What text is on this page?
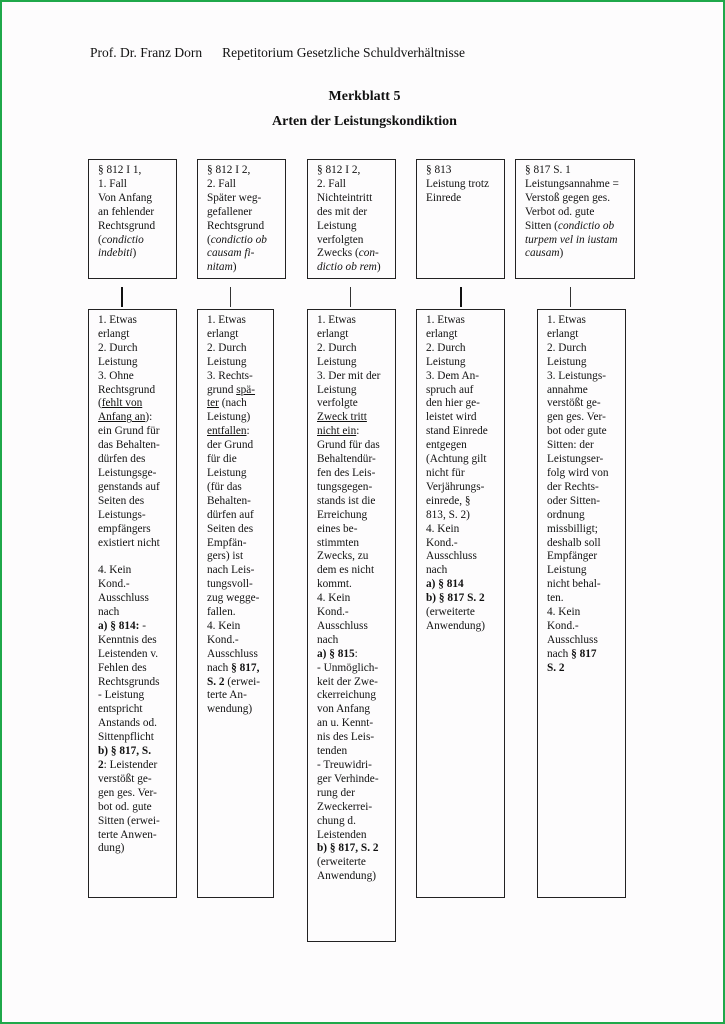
Prof. Dr. Franz Dorn Repetitorium Gesetzliche Schuldverhältnisse
Merkblatt 5
Arten der Leistungskondiktion
§ 812 I 1,
1. Fall
Von Anfang
an fehlender
Rechtsgrund
(condictio
indebiti)
1. Etwas
erlangt
2. Durch
Leistung
3. Ohne
Rechtsgrund
(fehlt von
Anfang an):
ein Grund für
das Behalten-
dürfen des
Leistungsge-
genstands auf
Seiten des
Leistungs-
empfängers
existiert nicht
4. Kein
Kond.-
Ausschluss
nach
a) § 814: -
Kenntnis des
Leistenden v.
Fehlen des
Rechtsgrunds
- Leistung
entspricht
Anstands od.
Sittenpflicht
b) § 817, S.
2: Leistender
verstößt ge-
gen ges. Ver-
bot od. gute
Sitten (erwei-
terte Anwen-
dung)
§ 812 I 2,
2. Fall
Später weg-
gefallener
Rechtsgrund
(condictio ob
causam fi-
nitam)
1. Etwas
erlangt
2. Durch
Leistung
3. Rechts-
grund spä-
ter (nach
Leistung)
entfallen:
der Grund
für die
Leistung
(für das
Behalten-
dürfen auf
Seiten des
Empfän-
gers) ist
nach Leis-
tungsvoll-
zug wegge-
fallen.
4. Kein
Kond.-
Ausschluss
nach § 817,
S. 2 (erwei-
terte An-
wendung)
§ 812 I 2,
2. Fall
Nichteintritt
des mit der
Leistung
verfolgten
Zwecks (con-
dictio ob rem)
1. Etwas
erlangt
2. Durch
Leistung
3. Der mit der
Leistung
verfolgte
Zweck tritt
nicht ein:
Grund für das
Behaltendür-
fen des Leis-
tungsgegen-
stands ist die
Erreichung
eines be-
stimmten
Zwecks, zu
dem es nicht
kommt.
4. Kein
Kond.-
Ausschluss
nach
a) § 815:
- Unmöglich-
keit der Zwe-
ckerreichung
von Anfang
an u. Kennt-
nis des Leis-
tenden
- Treuwidri-
ger Verhinde-
rung der
Zweckerrei-
chung d.
Leistenden
b) § 817, S. 2
(erweiterte
Anwendung)
§ 813
Leistung trotz
Einrede
1. Etwas
erlangt
2. Durch
Leistung
3. Dem An-
spruch auf
den hier ge-
leistet wird
stand Einrede
entgegen
(Achtung gilt
nicht für
Verjährungs-
einrede, §
813, S. 2)
4. Kein
Kond.-
Ausschluss
nach
a) § 814
b) § 817 S. 2
(erweiterte
Anwendung)
§ 817 S. 1
Leistungsannahme =
Verstoß gegen ges.
Verbot od. gute
Sitten (condictio ob
turpem vel in iustam
causam)
1. Etwas
erlangt
2. Durch
Leistung
3. Leistungs-
annahme
verstößt ge-
gen ges. Ver-
bot oder gute
Sitten: der
Leistungser-
folg wird von
der Rechts-
oder Sitten-
ordnung
missbilligt;
deshalb soll
Empfänger
Leistung
nicht behal-
ten.
4. Kein
Kond.-
Ausschluss
nach § 817
S. 2
